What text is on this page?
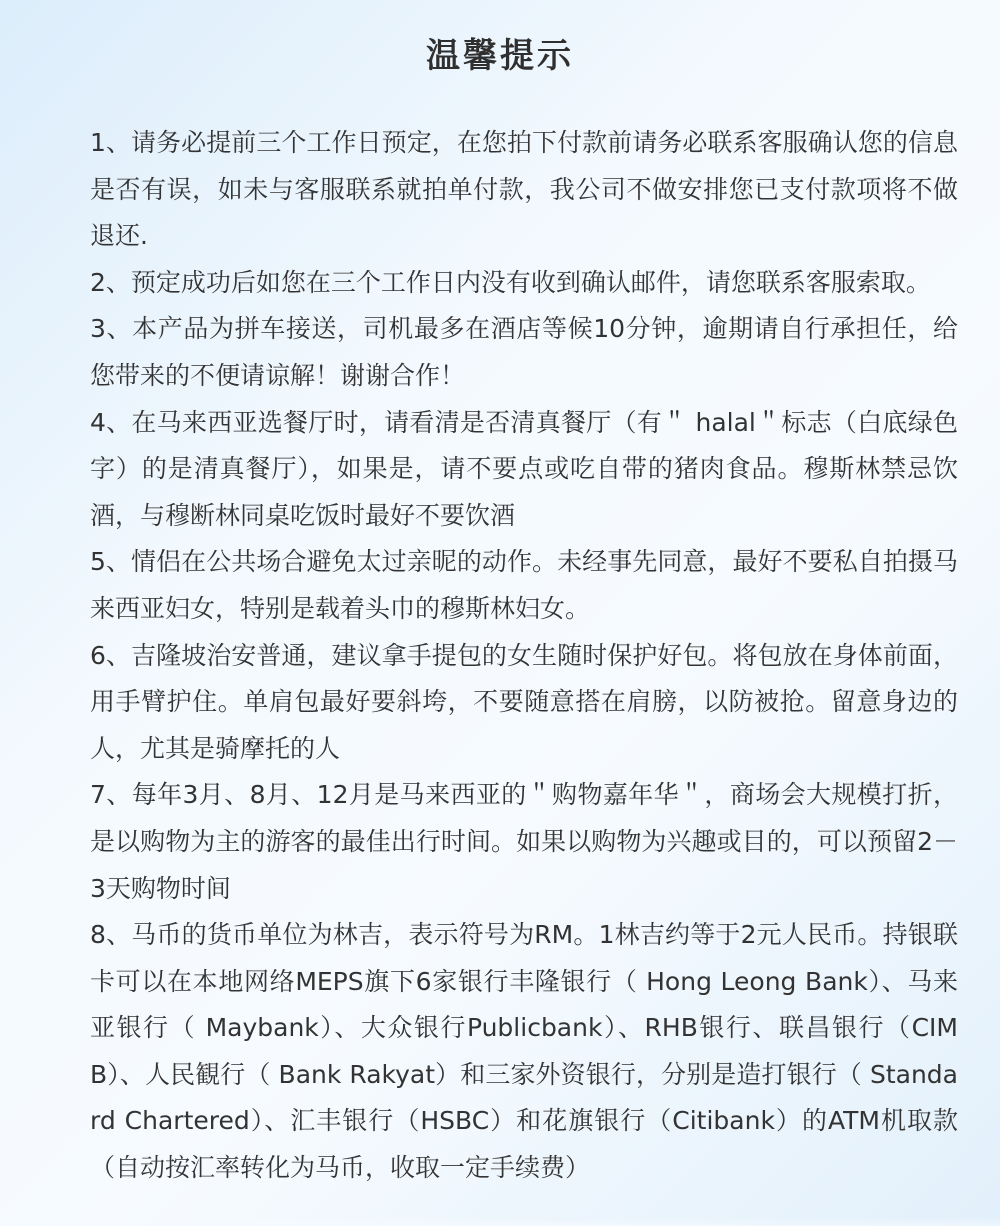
温馨提示
1、请务必提前三个工作日预定，在您拍下付款前请务必联系客服确认您的信息是否有误，如未与客服联系就拍单付款，我公司不做安排您已支付款项将不做退还.
2、预定成功后如您在三个工作日内没有收到确认邮件，请您联系客服索取。
3、本产品为拼车接送，司机最多在酒店等候10分钟，逾期请自行承担任，给您带来的不便请谅解！谢谢合作！
4、在马来西亚选餐厅时，请看清是否清真餐厅（有＂ halal＂标志（白底绿色字）的是清真餐厅），如果是，请不要点或吃自带的猪肉食品。穆斯林禁忌饮酒，与穆断林同桌吃饭时最好不要饮酒
5、情侣在公共场合避免太过亲昵的动作。未经事先同意，最好不要私自拍摄马来西亚妇女，特别是载着头巾的穆斯林妇女。
6、吉隆坡治安普通，建议拿手提包的女生随时保护好包。将包放在身体前面，用手臂护住。单肩包最好要斜垮，不要随意搭在肩膀，以防被抢。留意身边的人，尤其是骑摩托的人
7、每年3月、8月、12月是马来西亚的＂购物嘉年华＂，商场会大规模打折，是以购物为主的游客的最佳出行时间。如果以购物为兴趣或目的，可以预留2－3天购物时间
8、马币的货币单位为林吉，表示符号为RM。1林吉约等于2元人民币。持银联卡可以在本地网络MEPS旗下6家银行丰隆银行（ Hong Leong Bank）、马来亚银行（ Maybank）、大众银行Publicbank）、RHB银行、联昌银行（CIMB）、人民観行（ Bank Rakyat）和三家外资银行，分别是造打银行（ Standard Chartered）、汇丰银行（HSBC）和花旗银行（Citibank）的ATM机取款（自动按汇率转化为马币，收取一定手续费）
